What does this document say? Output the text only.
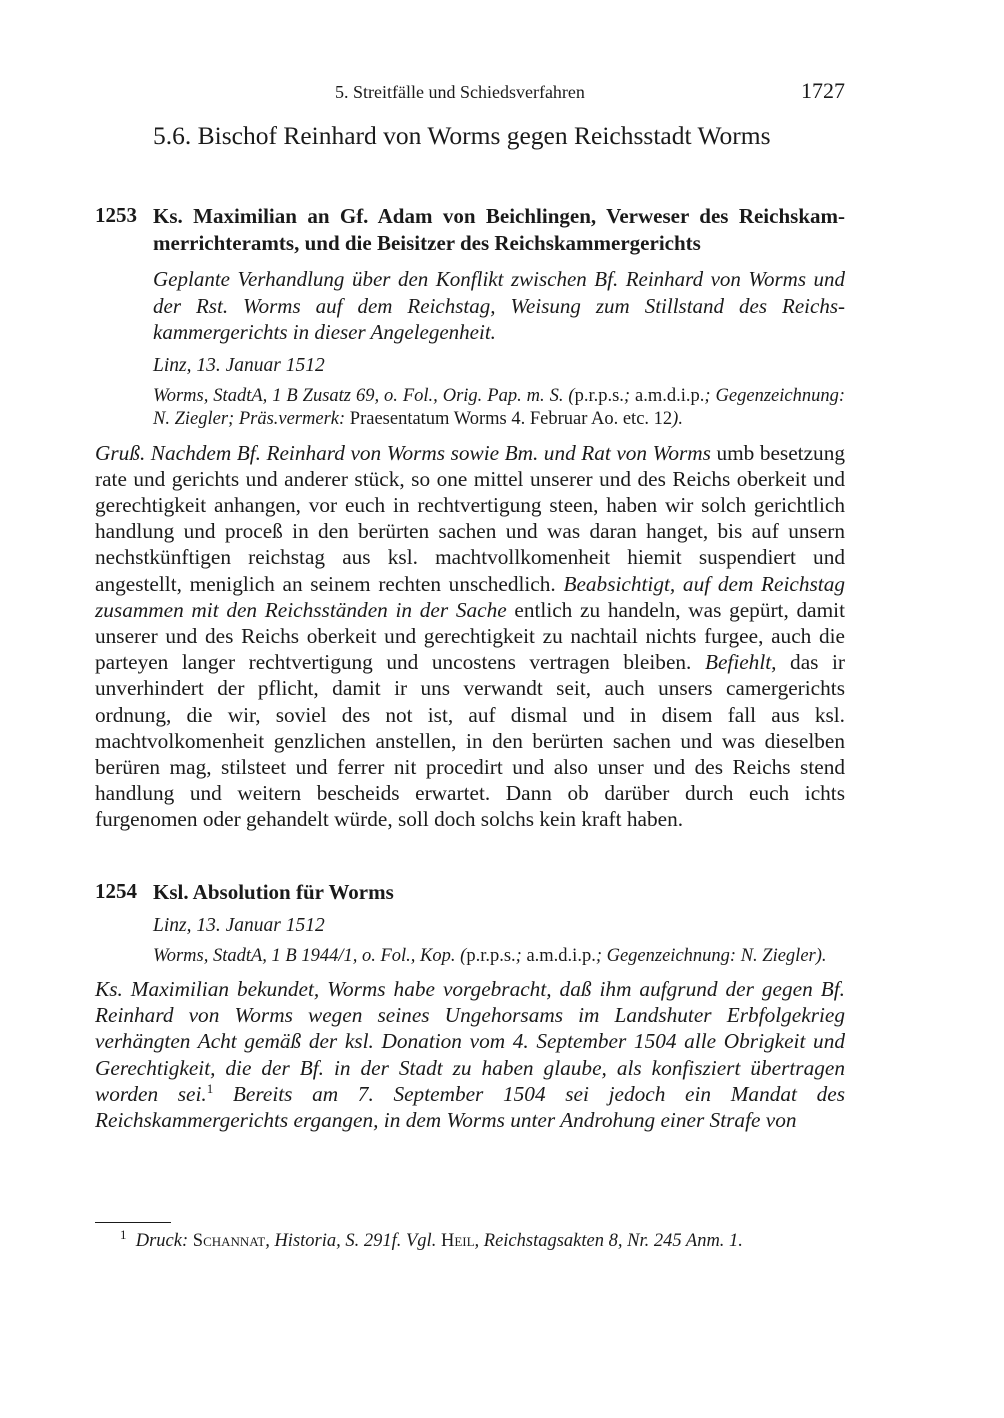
5. Streitfälle und Schiedsverfahren	1727
5.6. Bischof Reinhard von Worms gegen Reichsstadt Worms
1253 Ks. Maximilian an Gf. Adam von Beichlingen, Verweser des Reichskammerrichteramts, und die Beisitzer des Reichskammergerichts

Geplante Verhandlung über den Konflikt zwischen Bf. Reinhard von Worms und der Rst. Worms auf dem Reichstag, Weisung zum Stillstand des Reichskammergerichts in dieser Angelegenheit.

Linz, 13. Januar 1512

Worms, StadtA, 1 B Zusatz 69, o. Fol., Orig. Pap. m. S. (p.r.p.s.; a.m.d.i.p.; Gegenzeichnung: N. Ziegler; Präs.vermerk: Praesentatum Worms 4. Februar Ao. etc. 12).

Gruß. Nachdem Bf. Reinhard von Worms sowie Bm. und Rat von Worms umb besetzung rate und gerichts und anderer stück, so one mittel unserer und des Reichs oberkeit und gerechtigkeit anhangen, vor euch in rechtvertigung steen, haben wir solch gerichtlich handlung und proceß in den berürten sachen und was daran hanget, bis auf unsern nechstkünftigen reichstag aus ksl. machtvollkomenheit hiemit suspendiert und angestellt, meniglich an seinem rechten unschedlich. Beabsichtigt, auf dem Reichstag zusammen mit den Reichsständen in der Sache entlich zu handeln, was gepürt, damit unserer und des Reichs oberkeit und gerechtigkeit zu nachtail nichts furgee, auch die parteyen langer rechtvertigung und uncostens vertragen bleiben. Befiehlt, das ir unverhindert der pflicht, damit ir uns verwandt seit, auch unsers camergerichts ordnung, die wir, soviel des not ist, auf dismal und in disem fall aus ksl. machtvolkomenheit genzlichen anstellen, in den berürten sachen und was dieselben berüren mag, stilsteet und ferrer nit procedirt und also unser und des Reichs stend handlung und weitern bescheids erwartet. Dann ob darüber durch euch ichts furgenomen oder gehandelt würde, soll doch solchs kein kraft haben.

1254 Ksl. Absolution für Worms

Linz, 13. Januar 1512

Worms, StadtA, 1 B 1944/1, o. Fol., Kop. (p.r.p.s.; a.m.d.i.p.; Gegenzeichnung: N. Ziegler).

Ks. Maximilian bekundet, Worms habe vorgebracht, daß ihm aufgrund der gegen Bf. Reinhard von Worms wegen seines Ungehorsams im Landshuter Erbfolgekrieg verhängten Acht gemäß der ksl. Donation vom 4. September 1504 alle Obrigkeit und Gerechtigkeit, die der Bf. in der Stadt zu haben glaube, als konfisziert übertragen worden sei.$^1$ Bereits am 7. September 1504 sei jedoch ein Mandat des Reichskammergerichts ergangen, in dem Worms unter Androhung einer Strafe von

$^1$ Druck: Schannat, Historia, S. 291f. Vgl. Heil, Reichstagsakten 8, Nr. 245 Anm. 1.
